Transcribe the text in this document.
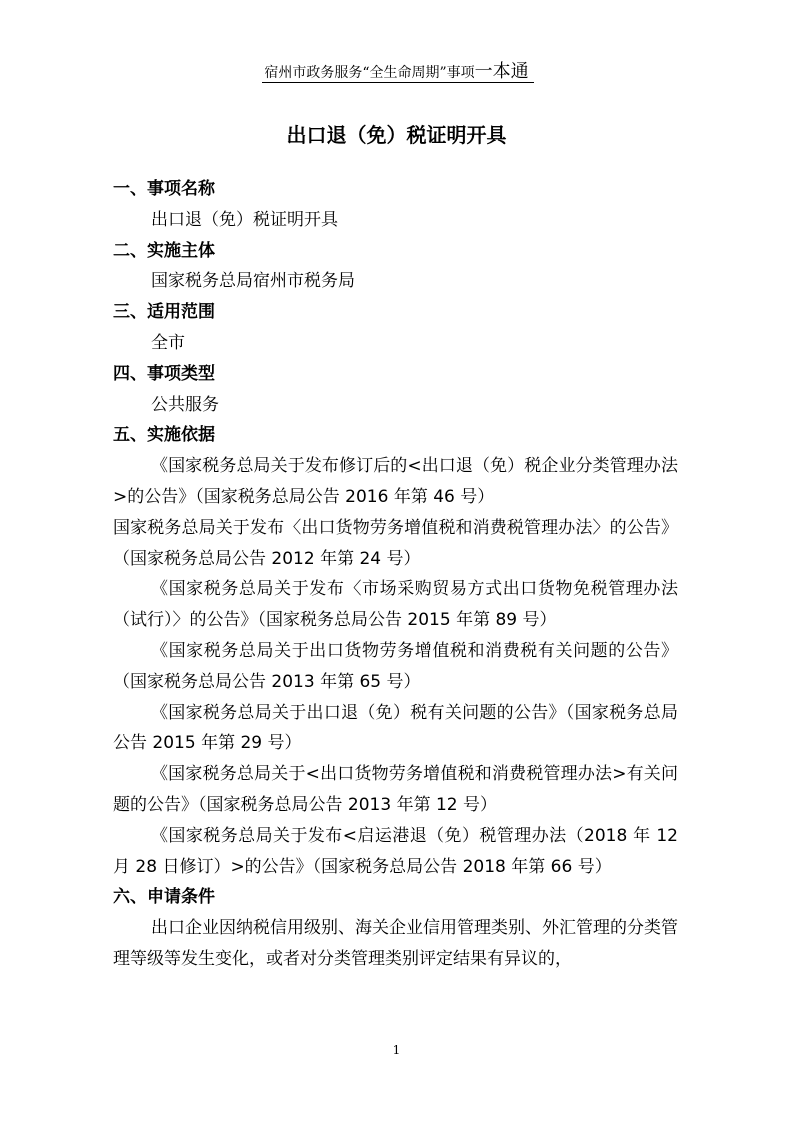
宿州市政务服务“全生命周期”事项一本通
出口退（免）税证明开具
一、事项名称
出口退（免）税证明开具
二、实施主体
国家税务总局宿州市税务局
三、适用范围
全市
四、事项类型
公共服务
五、实施依据
《国家税务总局关于发布修订后的<出口退（免）税企业分类管理办法>的公告》（国家税务总局公告 2016 年第 46 号）
国家税务总局关于发布〈出口货物劳务增值税和消费税管理办法〉的公告》（国家税务总局公告 2012 年第 24 号）
《国家税务总局关于发布〈市场采购贸易方式出口货物免税管理办法（试行）〉的公告》（国家税务总局公告 2015 年第 89 号）
《国家税务总局关于出口货物劳务增值税和消费税有关问题的公告》（国家税务总局公告 2013 年第 65 号）
《国家税务总局关于出口退（免）税有关问题的公告》（国家税务总局公告 2015 年第 29 号）
《国家税务总局关于<出口货物劳务增值税和消费税管理办法>有关问题的公告》（国家税务总局公告 2013 年第 12 号）
《国家税务总局关于发布<启运港退（免）税管理办法（2018 年 12 月 28 日修订）>的公告》（国家税务总局公告 2018 年第 66 号）
六、申请条件
出口企业因纳税信用级别、海关企业信用管理类别、外汇管理的分类管理等级等发生变化，或者对分类管理类别评定结果有异议的，
1
